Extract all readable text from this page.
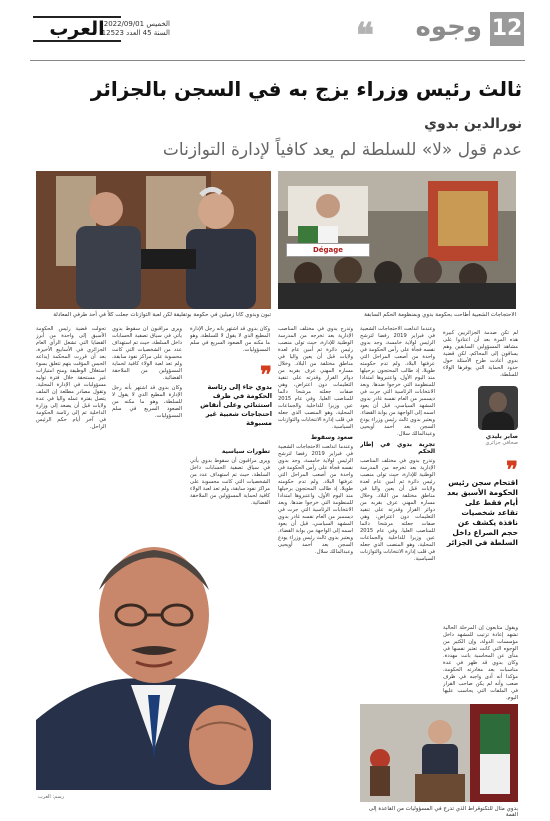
12
وجوه
❝
الخميس 2022/09/01
السنة 45 العدد 12523
العرب
ثالث رئيس وزراء يزج به في السجن بالجزائر
نورالدين بدوي
عدم قول «لا» للسلطة لم يعد كافياً لإدارة التوازنات
تبون وبدوي كانا زميلين في حكومة بوتفليقة لكن لعبة التوازنات جعلت كلاً في أحد طرفي المعادلة
Dégage
الاحتجاجات الشعبية أطاحت بحكومة بدوي وبمنظومة الحكم السابقة
صابر بليدي
صحافي جزائري

لم تكن صدمة الجزائريين كبيرة هذه المرة بعد أن اعتادوا على مشاهد المسؤولين السابقين وهم يساقون إلى المحاكم، لكن قضية بدوي أعادت طرح الأسئلة حول حدود الحماية التي يوفرها الولاء للسلطة.

❞
اقتحام سجن رئيس الحكومة الأسبق بعد أيام فقط على تقاعد شخصيات نافذة يكشف عن حجم الصراع داخل السلطة في الجزائر

ويقول متابعون إن المرحلة الحالية تشهد إعادة ترتيب للمشهد داخل مؤسسات الدولة، وإن الكثير من الوجوه التي كانت تعتبر نفسها في منأى عن المحاسبة باتت مهددة. وكان بدوي قد ظهر في عدة مناسبات بعد مغادرته الحكومة، مؤكدا أنه أدى واجبه في ظرف صعب وأنه لم يكن صاحب القرار في الملفات التي يحاسب عليها اليوم.

وعندما اندلعت الاحتجاجات الشعبية في فبراير 2019 رفضا لترشح الرئيس لولاية خامسة، وجد بدوي نفسه فجأة على رأس الحكومة في واحدة من أصعب المراحل التي عرفتها البلاد. ولم تدم حكومته طويلا، إذ طالب المحتجون برحيلها منذ اليوم الأول، واعتبروها امتدادا للمنظومة التي خرجوا ضدها. وبعد الانتخابات الرئاسية التي جرت في ديسمبر من العام نفسه غادر بدوي المشهد السياسي، قبل أن يعود اسمه إلى الواجهة من بوابة القضاء. ويعتبر بدوي ثالث رئيس وزراء يودع السجن بعد أحمد أويحيى وعبدالمالك سلال.

تجربة بدوي في إطار الحكم

وتدرج بدوي في مختلف المناصب الإدارية بعد تخرجه من المدرسة الوطنية للإدارة، حيث تولى منصب رئيس دائرة ثم أمين عام لعدة ولايات قبل أن يعين واليا في مناطق مختلفة من البلاد. وخلال مساره المهني عرف بقربه من دوائر القرار وقدرته على تنفيذ التعليمات دون اعتراض، وهي صفات جعلته مرشحا دائما للمناصب العليا. وفي عام 2015 عين وزيرا للداخلية والجماعات المحلية، وهو المنصب الذي جعله في قلب إدارة الانتخابات والتوازنات السياسية.

وتدرج بدوي في مختلف المناصب الإدارية بعد تخرجه من المدرسة الوطنية للإدارة، حيث تولى منصب رئيس دائرة ثم أمين عام لعدة ولايات قبل أن يعين واليا في مناطق مختلفة من البلاد. وخلال مساره المهني عرف بقربه من دوائر القرار وقدرته على تنفيذ التعليمات دون اعتراض، وهي صفات جعلته مرشحا دائما للمناصب العليا. وفي عام 2015 عين وزيرا للداخلية والجماعات المحلية، وهو المنصب الذي جعله في قلب إدارة الانتخابات والتوازنات السياسية.

صعود وسقوط

وعندما اندلعت الاحتجاجات الشعبية في فبراير 2019 رفضا لترشح الرئيس لولاية خامسة، وجد بدوي نفسه فجأة على رأس الحكومة في واحدة من أصعب المراحل التي عرفتها البلاد. ولم تدم حكومته طويلا، إذ طالب المحتجون برحيلها منذ اليوم الأول، واعتبروها امتدادا للمنظومة التي خرجوا ضدها. وبعد الانتخابات الرئاسية التي جرت في ديسمبر من العام نفسه غادر بدوي المشهد السياسي، قبل أن يعود اسمه إلى الواجهة من بوابة القضاء. ويعتبر بدوي ثالث رئيس وزراء يودع السجن بعد أحمد أويحيى وعبدالمالك سلال.

وكان بدوي قد اشتهر بأنه رجل الإدارة المطيع الذي لا يقول لا للسلطة، وهو ما مكنه من الصعود السريع في سلم المسؤوليات.

❞
بدوي جاء إلى رئاسة الحكومة في ظرف استثنائي وعلى أنقاض احتجاجات شعبية غير مسبوقة
تطورات سياسية

ويرى مراقبون أن سقوط بدوي يأتي في سياق تصفية الحسابات داخل السلطة، حيث تم استهداف عدد من الشخصيات التي كانت محسوبة على مراكز نفوذ سابقة، ولم تعد لعبة الولاء كافية لحماية المسؤولين من الملاحقة القضائية.

ويرى مراقبون أن سقوط بدوي يأتي في سياق تصفية الحسابات داخل السلطة، حيث تم استهداف عدد من الشخصيات التي كانت محسوبة على مراكز نفوذ سابقة، ولم تعد لعبة الولاء كافية لحماية المسؤولين من الملاحقة القضائية.

وكان بدوي قد اشتهر بأنه رجل الإدارة المطيع الذي لا يقول لا للسلطة، وهو ما مكنه من الصعود السريع في سلم المسؤوليات.

تحولت قضية رئيس الحكومة الأسبق إلى واحدة من أبرز القضايا التي تشغل الرأي العام الجزائري في الأسابيع الأخيرة، بعد أن قررت المحكمة إيداعه الحبس المؤقت بتهم تتعلق بسوء استغلال الوظيفة ومنح امتيازات غير مستحقة خلال فترة توليه مسؤوليات في الإدارة المحلية. وتقول مصادر مطلعة إن الملف يتصل بفترة عمله واليا في عدة ولايات قبل أن يصعد إلى وزارة الداخلية ثم إلى رئاسة الحكومة في آخر أيام حكم الرئيس الراحل.

رسم: العرب
بدوي مثال للتكنوقراط الذي تدرج في المسؤوليات من القاعدة إلى القمة
